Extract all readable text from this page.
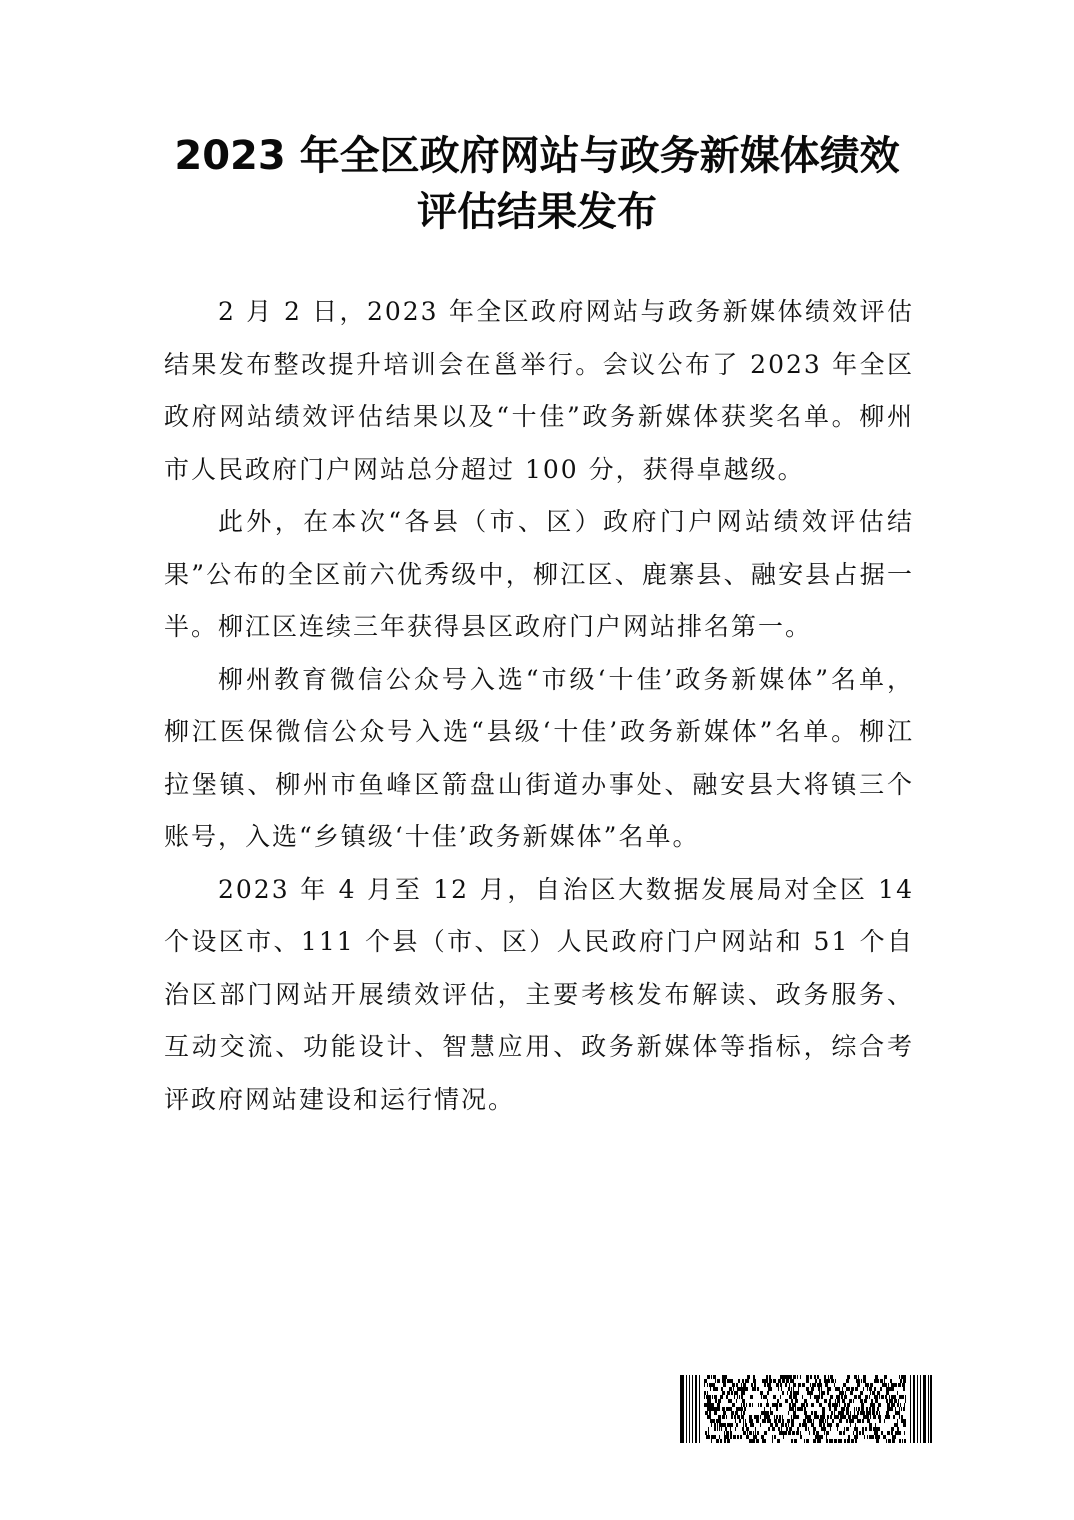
2023 年全区政府网站与政务新媒体绩效
评估结果发布

2 月 2 日，2023 年全区政府网站与政务新媒体绩效评估结果发布整改提升培训会在邕举行。会议公布了 2023 年全区政府网站绩效评估结果以及“十佳”政务新媒体获奖名单。柳州市人民政府门户网站总分超过 100 分，获得卓越级。

此外，在本次“各县（市、区）政府门户网站绩效评估结果”公布的全区前六优秀级中，柳江区、鹿寨县、融安县占据一半。柳江区连续三年获得县区政府门户网站排名第一。

柳州教育微信公众号入选“市级‘十佳’政务新媒体”名单，柳江医保微信公众号入选“县级‘十佳’政务新媒体”名单。柳江拉堡镇、柳州市鱼峰区箭盘山街道办事处、融安县大将镇三个账号，入选“乡镇级‘十佳’政务新媒体”名单。

2023 年 4 月至 12 月，自治区大数据发展局对全区 14 个设区市、111 个县（市、区）人民政府门户网站和 51 个自治区部门网站开展绩效评估，主要考核发布解读、政务服务、互动交流、功能设计、智慧应用、政务新媒体等指标，综合考评政府网站建设和运行情况。
